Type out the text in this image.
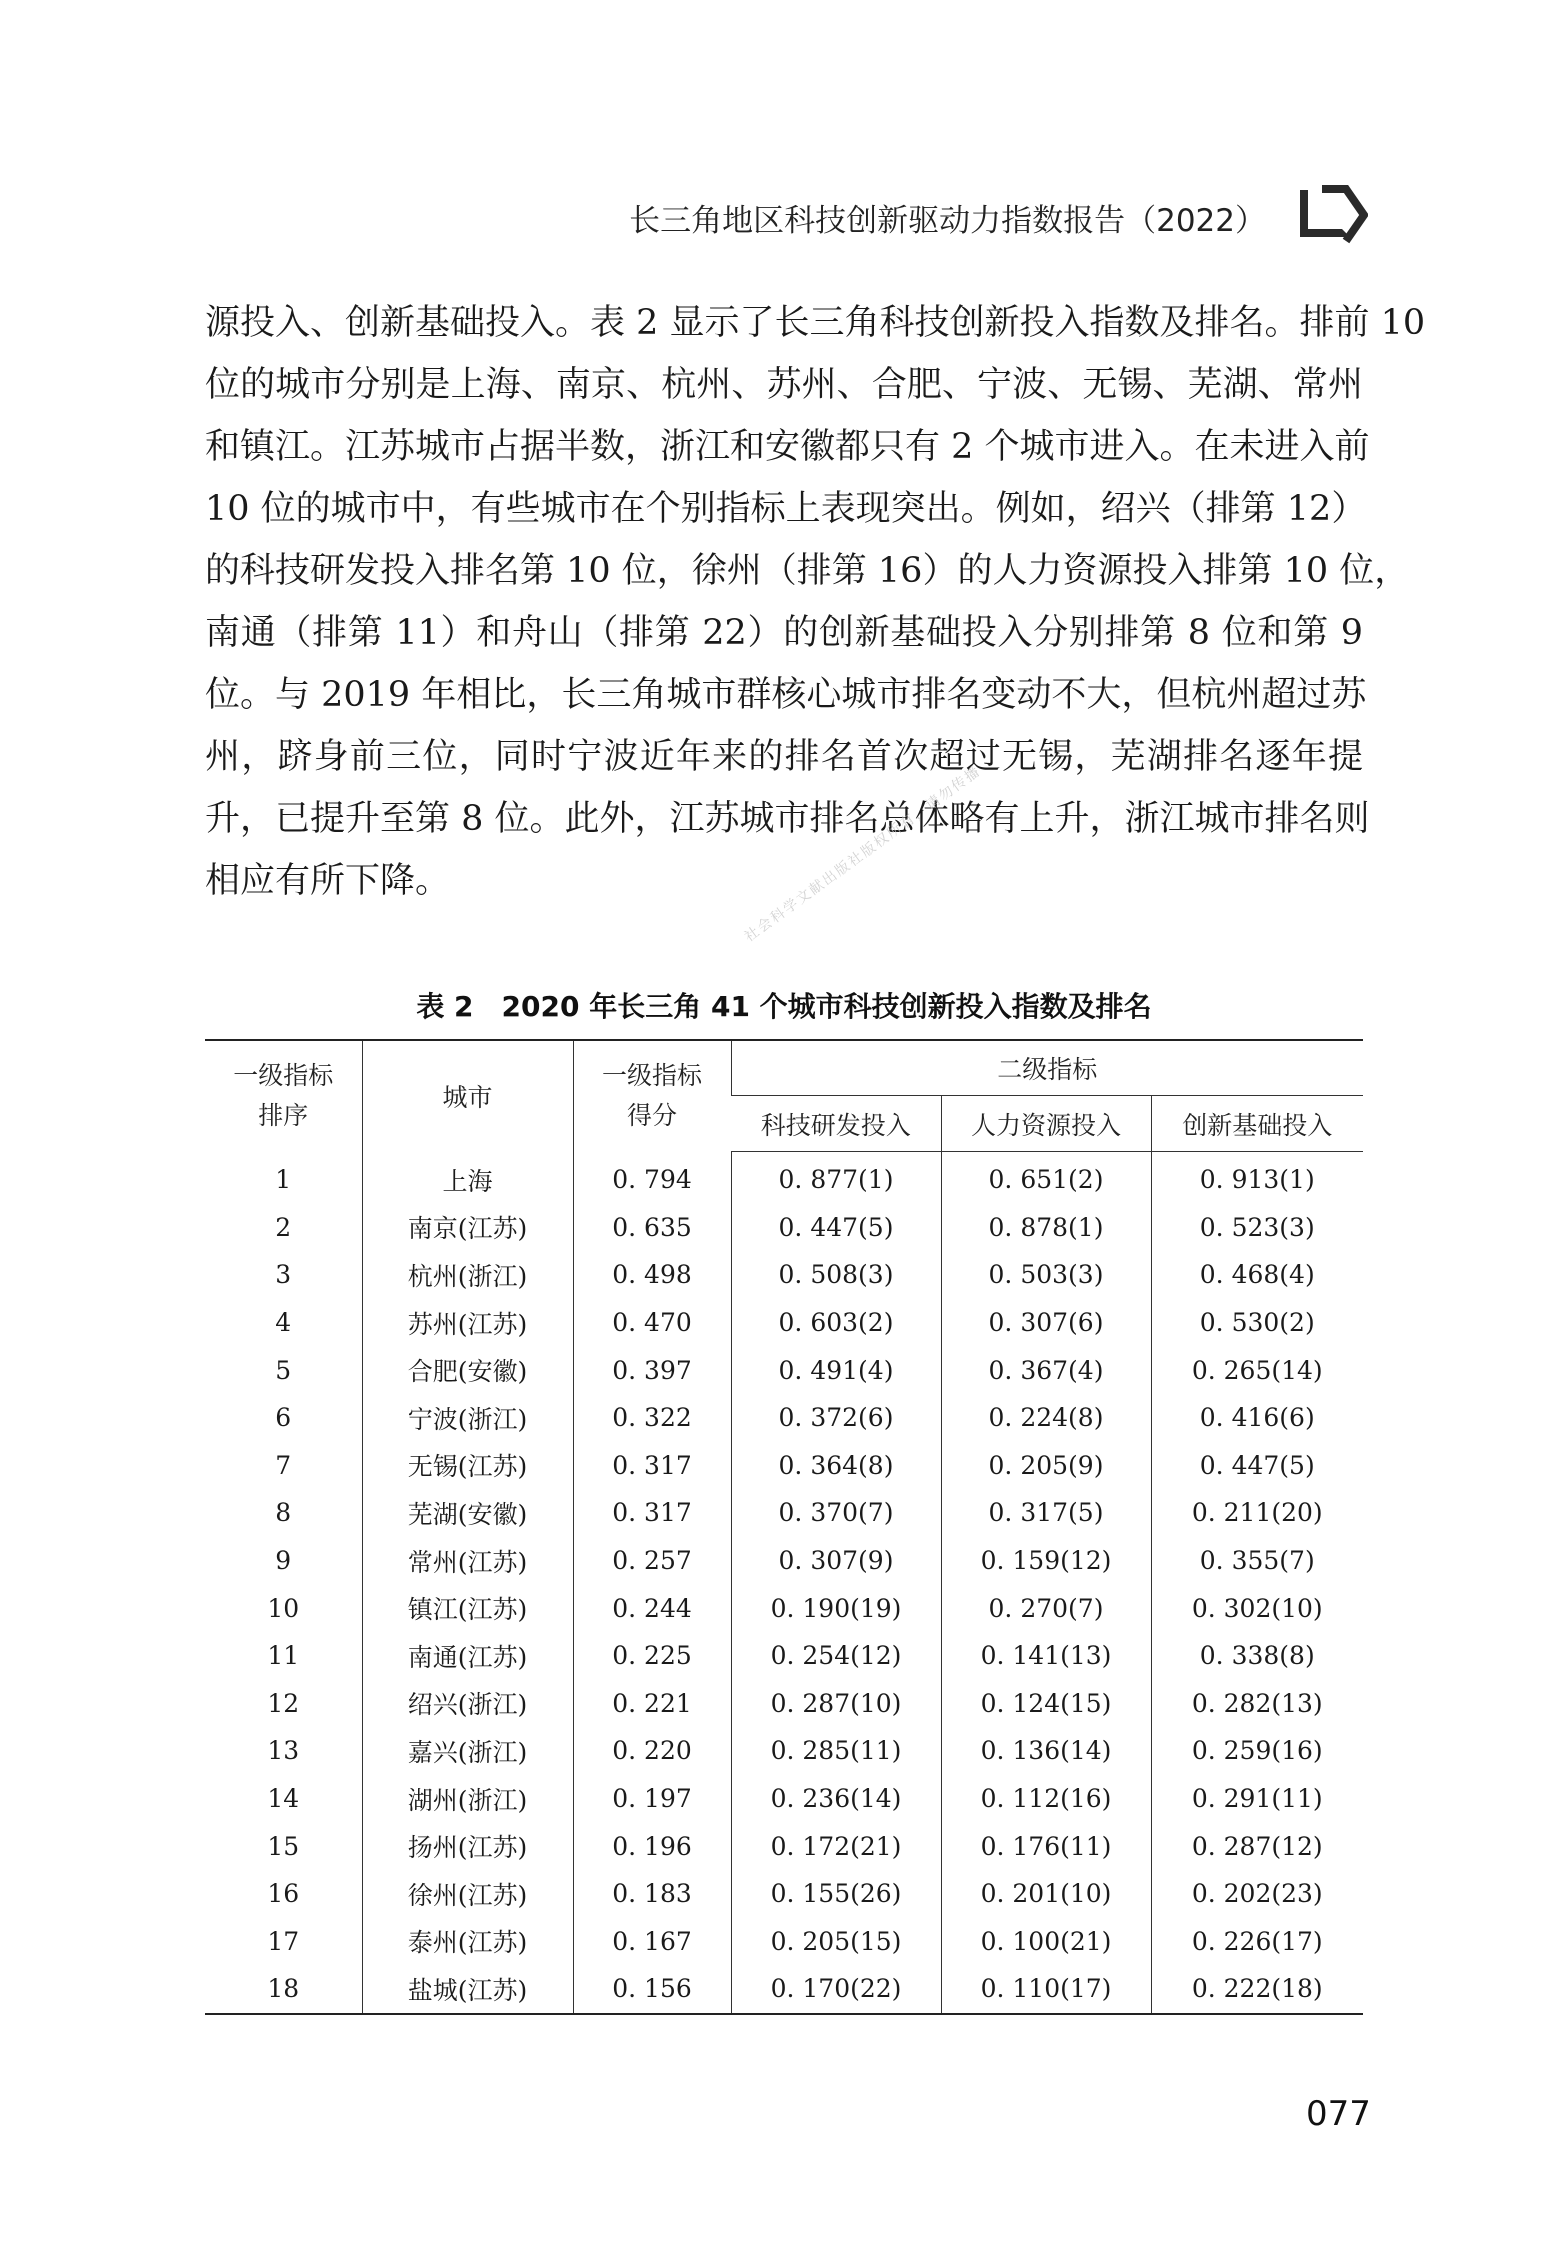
长三角地区科技创新驱动力指数报告（2022）

源投入、创新基础投入。表 2 显示了长三角科技创新投入指数及排名。排前 10
位的城市分别是上海、南京、杭州、苏州、合肥、宁波、无锡、芜湖、常州
和镇江。江苏城市占据半数，浙江和安徽都只有 2 个城市进入。在未进入前
10 位的城市中，有些城市在个别指标上表现突出。例如，绍兴（排第 12）
的科技研发投入排名第 10 位，徐州（排第 16）的人力资源投入排第 10 位，
南通（排第 11）和舟山（排第 22）的创新基础投入分别排第 8 位和第 9
位。与 2019 年相比，长三角城市群核心城市排名变动不大，但杭州超过苏
州，跻身前三位，同时宁波近年来的排名首次超过无锡，芜湖排名逐年提
升，已提升至第 8 位。此外，江苏城市排名总体略有上升，浙江城市排名则
相应有所下降。	社会科学文献出版社版权所有，请勿传播
表 2　2020 年长三角 41 个城市科技创新投入指数及排名
一级指标
排序	城市	一级指标
得分	二级指标		
			科技研发投入	人力资源投入	创新基础投入
1	上海	0. 794	0. 877(1)	0. 651(2)	0. 913(1)
2	南京(江苏)	0. 635	0. 447(5)	0. 878(1)	0. 523(3)
3	杭州(浙江)	0. 498	0. 508(3)	0. 503(3)	0. 468(4)
4	苏州(江苏)	0. 470	0. 603(2)	0. 307(6)	0. 530(2)
5	合肥(安徽)	0. 397	0. 491(4)	0. 367(4)	0. 265(14)
6	宁波(浙江)	0. 322	0. 372(6)	0. 224(8)	0. 416(6)
7	无锡(江苏)	0. 317	0. 364(8)	0. 205(9)	0. 447(5)
8	芜湖(安徽)	0. 317	0. 370(7)	0. 317(5)	0. 211(20)
9	常州(江苏)	0. 257	0. 307(9)	0. 159(12)	0. 355(7)
10	镇江(江苏)	0. 244	0. 190(19)	0. 270(7)	0. 302(10)
11	南通(江苏)	0. 225	0. 254(12)	0. 141(13)	0. 338(8)
12	绍兴(浙江)	0. 221	0. 287(10)	0. 124(15)	0. 282(13)
13	嘉兴(浙江)	0. 220	0. 285(11)	0. 136(14)	0. 259(16)
14	湖州(浙江)	0. 197	0. 236(14)	0. 112(16)	0. 291(11)
15	扬州(江苏)	0. 196	0. 172(21)	0. 176(11)	0. 287(12)
16	徐州(江苏)	0. 183	0. 155(26)	0. 201(10)	0. 202(23)
17	泰州(江苏)	0. 167	0. 205(15)	0. 100(21)	0. 226(17)
18	盐城(江苏)	0. 156	0. 170(22)	0. 110(17)	0. 222(18)
077
